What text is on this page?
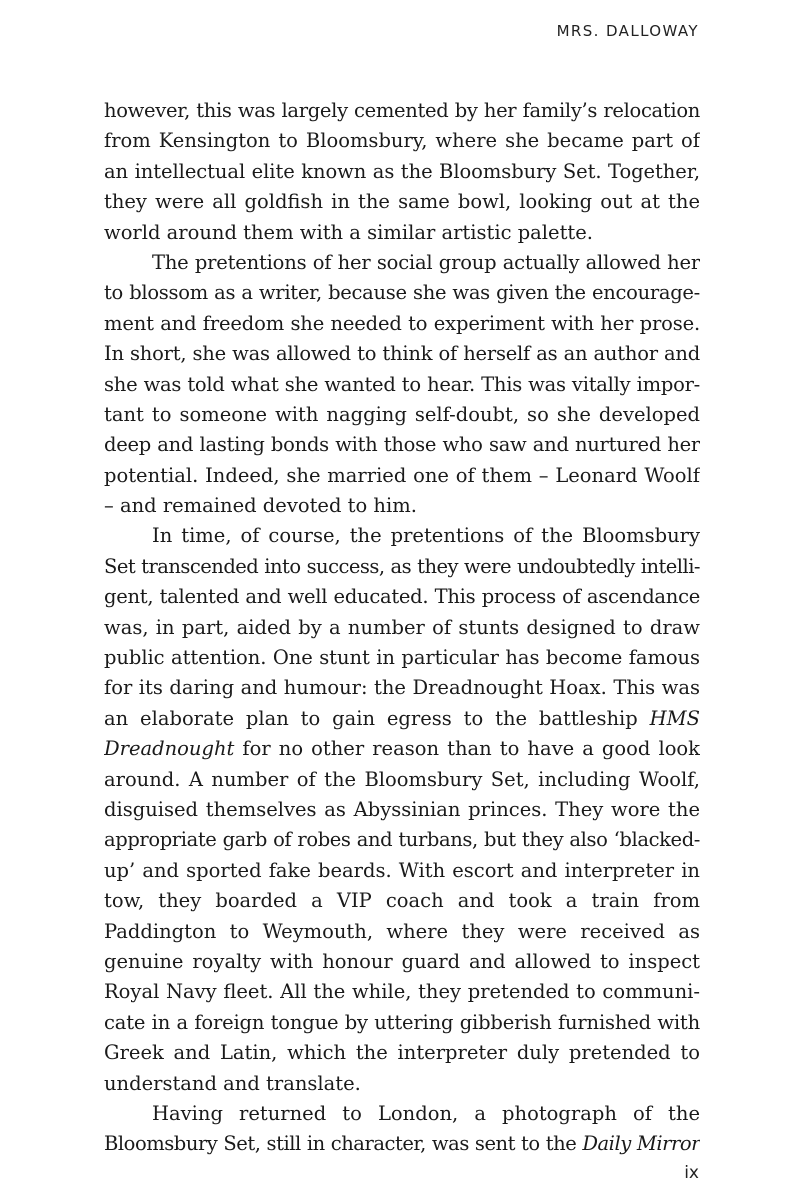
MRS. DALLOWAY
however, this was largely cemented by her family’s relocation
from Kensington to Bloomsbury, where she became part of
an intellectual elite known as the Bloomsbury Set. Together,
they were all goldfish in the same bowl, looking out at the
world around them with a similar artistic palette.
The pretentions of her social group actually allowed her
to blossom as a writer, because she was given the encourage-
ment and freedom she needed to experiment with her prose.
In short, she was allowed to think of herself as an author and
she was told what she wanted to hear. This was vitally impor-
tant to someone with nagging self-doubt, so she developed
deep and lasting bonds with those who saw and nurtured her
potential. Indeed, she married one of them – Leonard Woolf
– and remained devoted to him.
In time, of course, the pretentions of the Bloomsbury
Set transcended into success, as they were undoubtedly intelli-
gent, talented and well educated. This process of ascendance
was, in part, aided by a number of stunts designed to draw
public attention. One stunt in particular has become famous
for its daring and humour: the Dreadnought Hoax. This was
an elaborate plan to gain egress to the battleship HMS
Dreadnought for no other reason than to have a good look
around. A number of the Bloomsbury Set, including Woolf,
disguised themselves as Abyssinian princes. They wore the
appropriate garb of robes and turbans, but they also ‘blacked-
up’ and sported fake beards. With escort and interpreter in
tow, they boarded a VIP coach and took a train from
Paddington to Weymouth, where they were received as
genuine royalty with honour guard and allowed to inspect
Royal Navy fleet. All the while, they pretended to communi-
cate in a foreign tongue by uttering gibberish furnished with
Greek and Latin, which the interpreter duly pretended to
understand and translate.
Having returned to London, a photograph of the
Bloomsbury Set, still in character, was sent to the Daily Mirror
ix
